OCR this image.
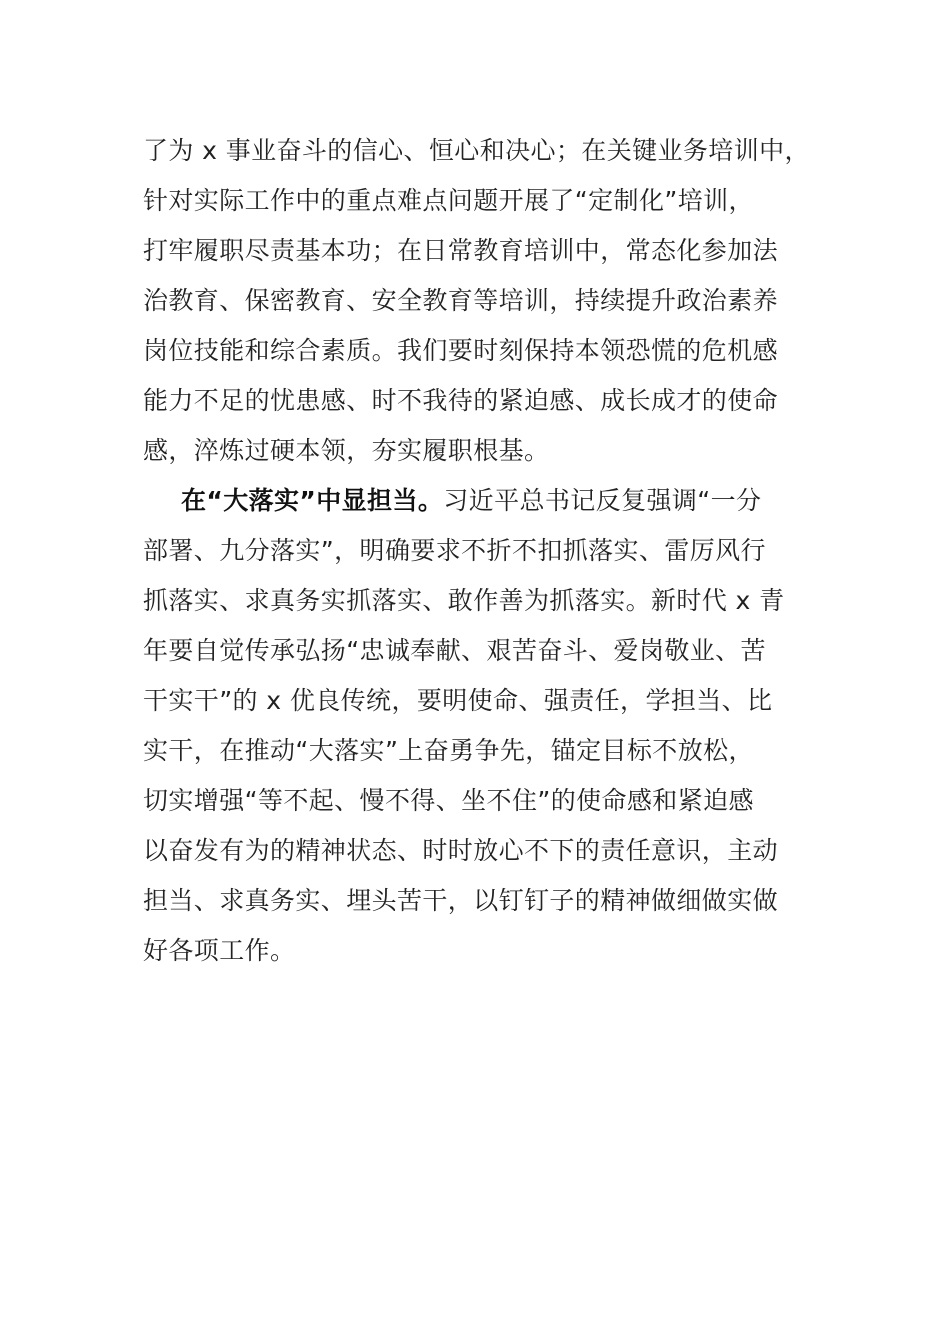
了为 x 事业奋斗的信心、恒心和决心；在关键业务培训中，
针对实际工作中的重点难点问题开展了“定制化”培训，
打牢履职尽责基本功；在日常教育培训中，常态化参加法
治教育、保密教育、安全教育等培训，持续提升政治素养
岗位技能和综合素质。我们要时刻保持本领恐慌的危机感
能力不足的忧患感、时不我待的紧迫感、成长成才的使命
感，淬炼过硬本领，夯实履职根基。
在“大落实”中显担当。习近平总书记反复强调“一分
部署、九分落实”，明确要求不折不扣抓落实、雷厉风行
抓落实、求真务实抓落实、敢作善为抓落实。新时代 x 青
年要自觉传承弘扬“忠诚奉献、艰苦奋斗、爱岗敬业、苦
干实干”的 x 优良传统，要明使命、强责任，学担当、比
实干，在推动“大落实”上奋勇争先，锚定目标不放松，
切实增强“等不起、慢不得、坐不住”的使命感和紧迫感
以奋发有为的精神状态、时时放心不下的责任意识，主动
担当、求真务实、埋头苦干，以钉钉子的精神做细做实做
好各项工作。
